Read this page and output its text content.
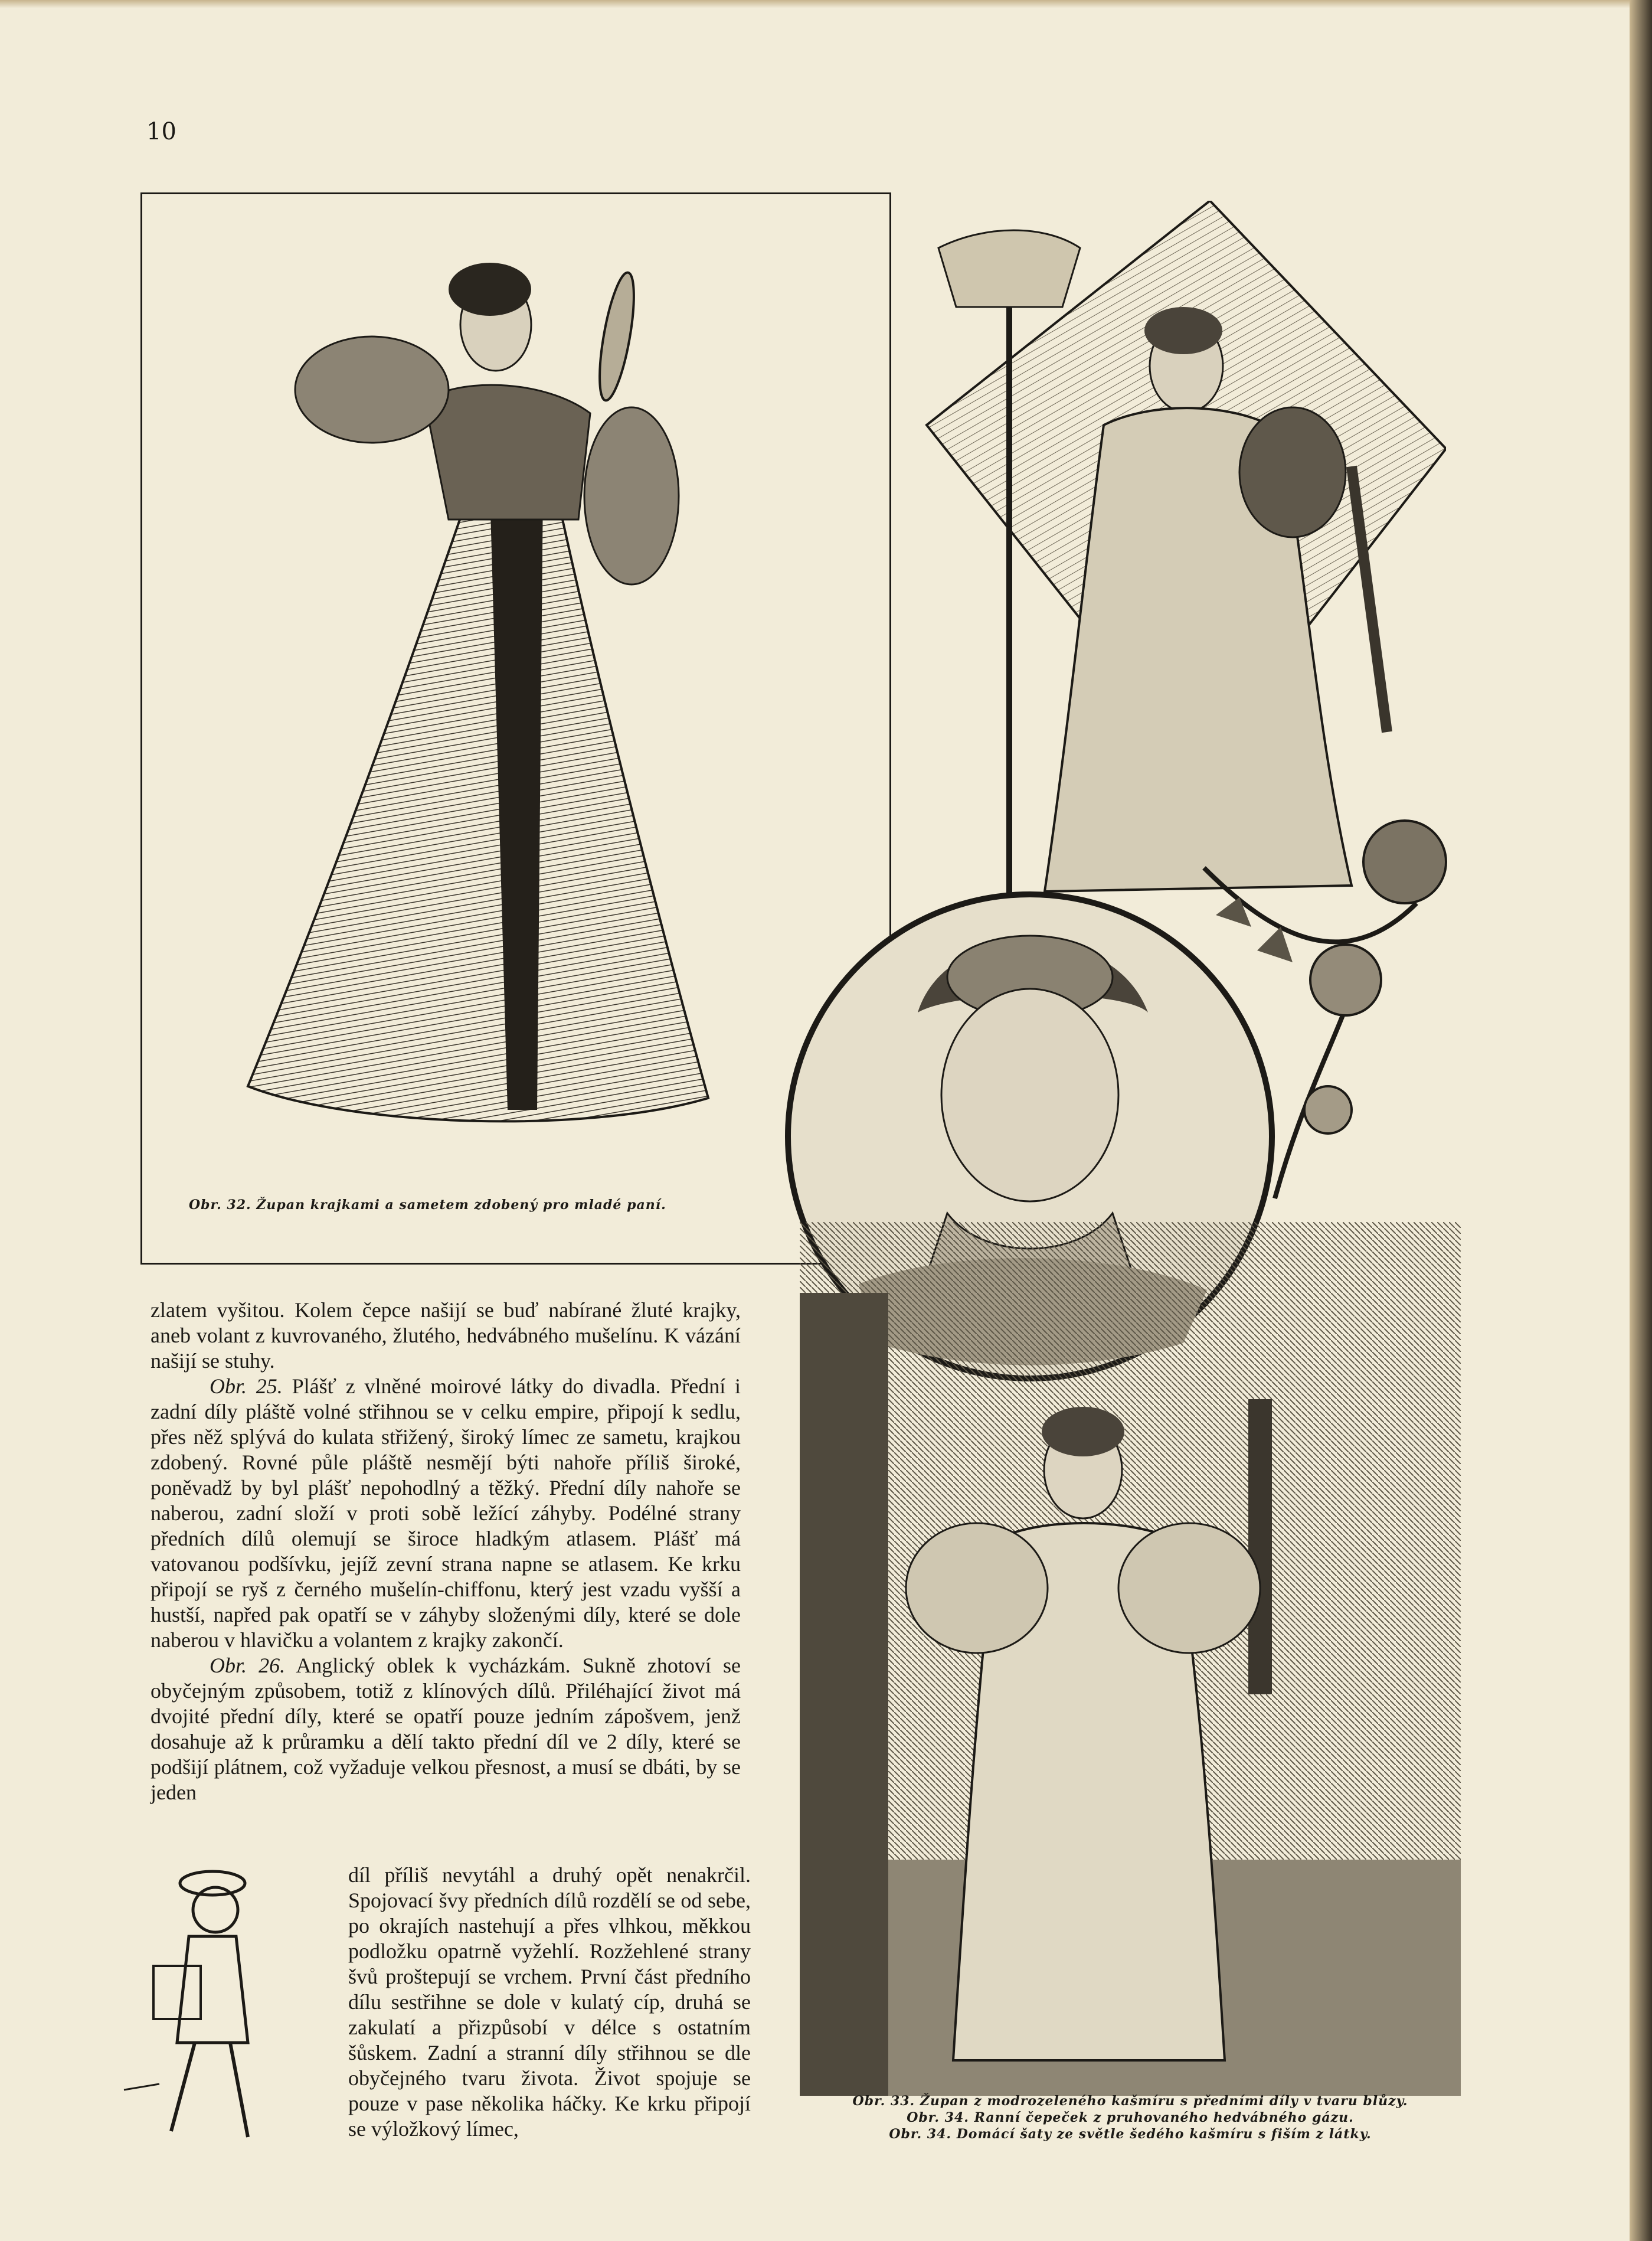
10
Obr. 32. Župan krajkami a sametem zdobený pro mladé paní.
Obr. 33. Župan z modrozeleného kašmíru s předními díly v tvaru blůzy.
Obr. 34. Ranní čepeček z pruhovaného hedvábného gázu.
Obr. 34. Domácí šaty ze světle šedého kašmíru s fiším z látky.

zlatem vyšitou. Kolem čepce našijí se buď nabírané žluté krajky, aneb volant z kuvrovaného, žlutého, hedvábného mušelínu. K vázání našijí se stuhy.

Obr. 25. Plášť z vlněné moirové látky do divadla. Přední i zadní díly pláště volné střihnou se v celku empire, připojí k sedlu, přes něž splývá do kulata střižený, široký límec ze sametu, krajkou zdobený. Rovné půle pláště nesmějí býti nahoře příliš široké, poněvadž by byl plášť nepohodlný a těžký. Přední díly nahoře se naberou, zadní složí v proti sobě ležící záhyby. Podélné strany předních dílů olemují se široce hladkým atlasem. Plášť má vatovanou podšívku, jejíž zevní strana napne se atlasem. Ke krku připojí se ryš z černého mušelín-chiffonu, který jest vzadu vyšší a hustší, napřed pak opatří se v záhyby složenými díly, které se dole naberou v hlavičku a volantem z krajky zakončí.

Obr. 26. Anglický oblek k vycházkám. Sukně zhotoví se obyčejným způsobem, totiž z klínových dílů. Přiléhající život má dvojité přední díly, které se opatří pouze jedním zápošvem, jenž dosahuje až k průramku a dělí takto přední díl ve 2 díly, které se podšijí plátnem, což vyžaduje velkou přesnost, a musí se dbáti, by se jeden

díl příliš nevytáhl a druhý opět nenakrčil. Spojovací švy předních dílů rozdělí se od sebe, po okrajích nastehují a přes vlhkou, měkkou podložku opatrně vyžehlí. Rozžehlené strany švů proštepují se vrchem. První část předního dílu sestřihne se dole v kulatý cíp, druhá se zakulatí a přizpůsobí v délce s ostatním šůskem. Zadní a stranní díly střihnou se dle obyčejného tvaru života. Život spojuje se pouze v pase několika háčky. Ke krku připojí se výložkový límec,
